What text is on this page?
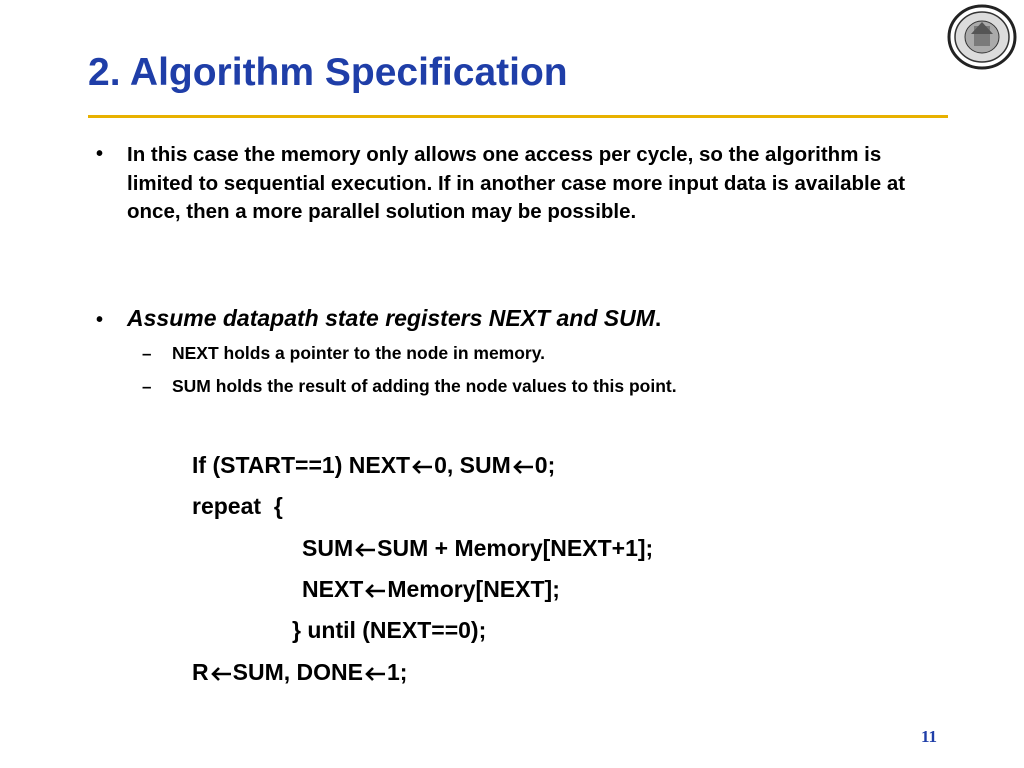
2. Algorithm Specification
• In this case the memory only allows one access per cycle, so the algorithm is limited to sequential execution. If in another case more input data is available at once, then a more parallel solution may be possible.
• Assume datapath state registers NEXT and SUM.
– NEXT holds a pointer to the node in memory.
– SUM holds the result of adding the node values to this point.
If (START==1) NEXT 0, SUM 0;
repeat  {
SUM SUM + Memory[NEXT+1];
NEXT Memory[NEXT];
} until (NEXT==0);
R SUM, DONE 1;
11
